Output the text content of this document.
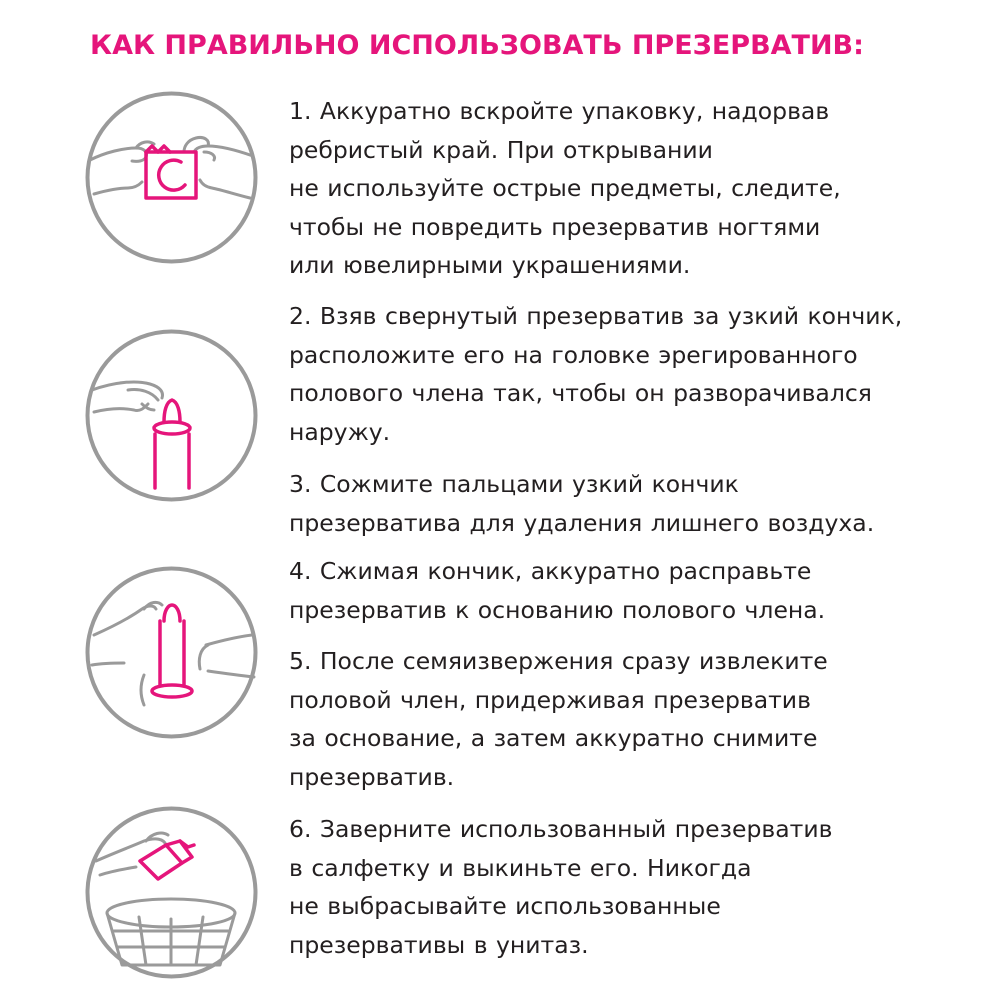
КАК ПРАВИЛЬНО ИСПОЛЬЗОВАТЬ ПРЕЗЕРВАТИВ:

1. Аккуратно вскройте упаковку, надорвав
ребристый край. При открывании
не используйте острые предметы, следите,
чтобы не повредить презерватив ногтями
или ювелирными украшениями.

2. Взяв свернутый презерватив за узкий кончик,
расположите его на головке эрегированного
полового члена так, чтобы он разворачивался
наружу.

3. Сожмите пальцами узкий кончик
презерватива для удаления лишнего воздуха.

4. Сжимая кончик, аккуратно расправьте
презерватив к основанию полового члена.

5. После семяизвержения сразу извлеките
половой член, придерживая презерватив
за основание, а затем аккуратно снимите
презерватив.

6. Заверните использованный презерватив
в салфетку и выкиньте его. Никогда
не выбрасывайте использованные
презервативы в унитаз.
